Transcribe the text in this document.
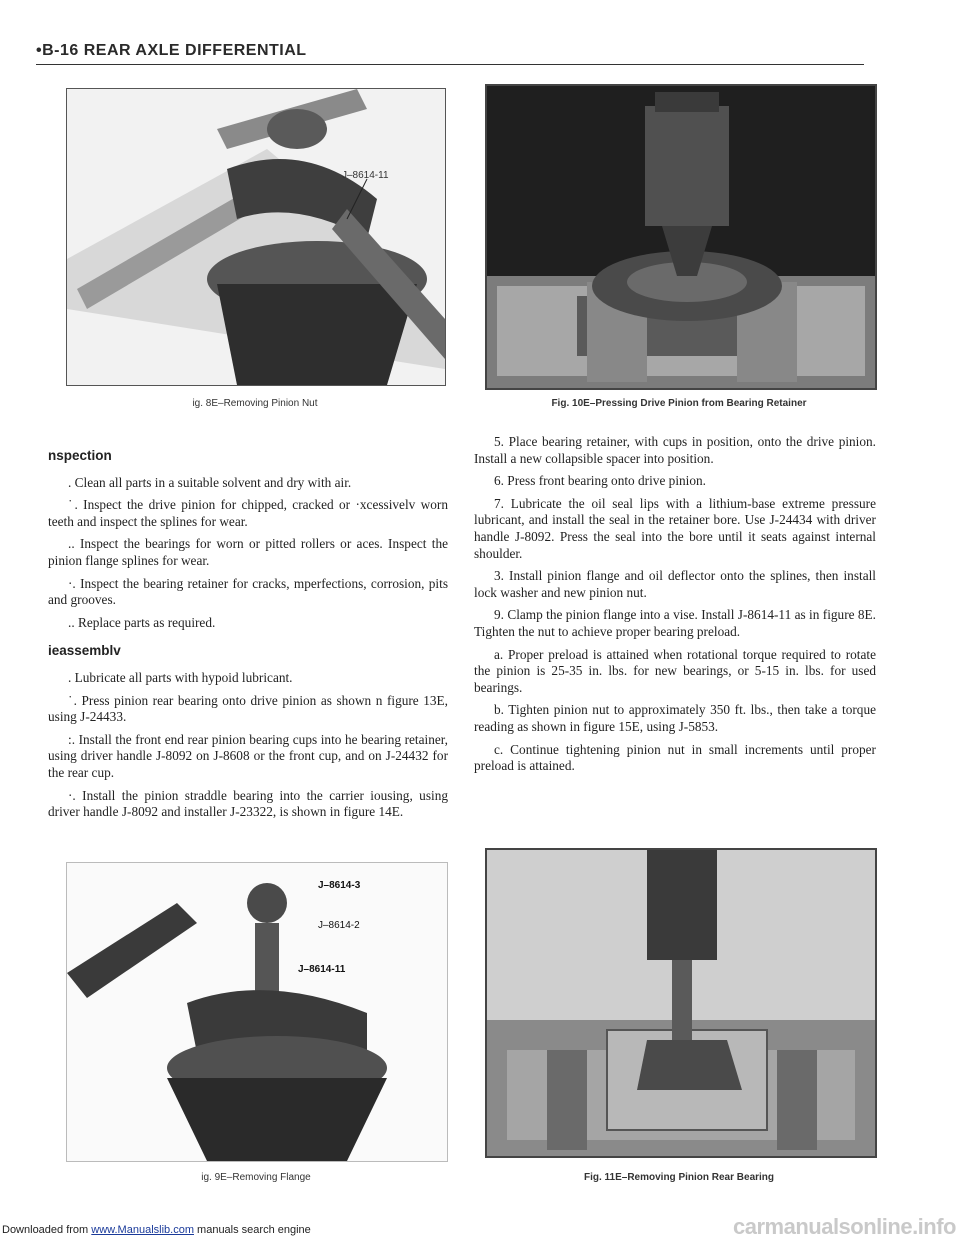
•B-16 REAR AXLE DIFFERENTIAL
J–8614-11
ig. 8E–Removing Pinion Nut	Fig. 10E–Pressing Drive Pinion from Bearing Retainer
nspection

. Clean all parts in a suitable solvent and dry with air.

˙. Inspect the drive pinion for chipped, cracked or ·xcessivelv worn teeth and inspect the splines for wear.

.. Inspect the bearings for worn or pitted rollers or aces. Inspect the pinion flange splines for wear.

·. Inspect the bearing retainer for cracks, mperfections, corrosion, pits and grooves.

.. Replace parts as required.

ieassemblv

. Lubricate all parts with hypoid lubricant.

˙. Press pinion rear bearing onto drive pinion as shown n figure 13E, using J-24433.

:. Install the front end rear pinion bearing cups into he bearing retainer, using driver handle J-8092 on J-8608 or the front cup, and on J-24432 for the rear cup.

·. Install the pinion straddle bearing into the carrier iousing, using driver handle J-8092 and installer J-23322, is shown in figure 14E.

5. Place bearing retainer, with cups in position, onto the drive pinion. Install a new collapsible spacer into position.

6. Press front bearing onto drive pinion.

7. Lubricate the oil seal lips with a lithium-base extreme pressure lubricant, and install the seal in the retainer bore. Use J-24434 with driver handle J-8092. Press the seal into the bore until it seats against internal shoulder.

3. Install pinion flange and oil deflector onto the splines, then install lock washer and new pinion nut.

9. Clamp the pinion flange into a vise. Install J-8614-11 as in figure 8E. Tighten the nut to achieve proper bearing preload.

a. Proper preload is attained when rotational torque required to rotate the pinion is 25-35 in. lbs. for new bearings, or 5-15 in. lbs. for used bearings.

b. Tighten pinion nut to approximately 350 ft. lbs., then take a torque reading as shown in figure 15E, using J-5853.

c. Continue tightening pinion nut in small increments until proper preload is attained.

J–8614-3
J–8614-2
J–8614-11
ig. 9E–Removing Flange	Fig. 11E–Removing Pinion Rear Bearing
Downloaded from www.Manualslib.com manuals search engine	carmanualsonline.info
